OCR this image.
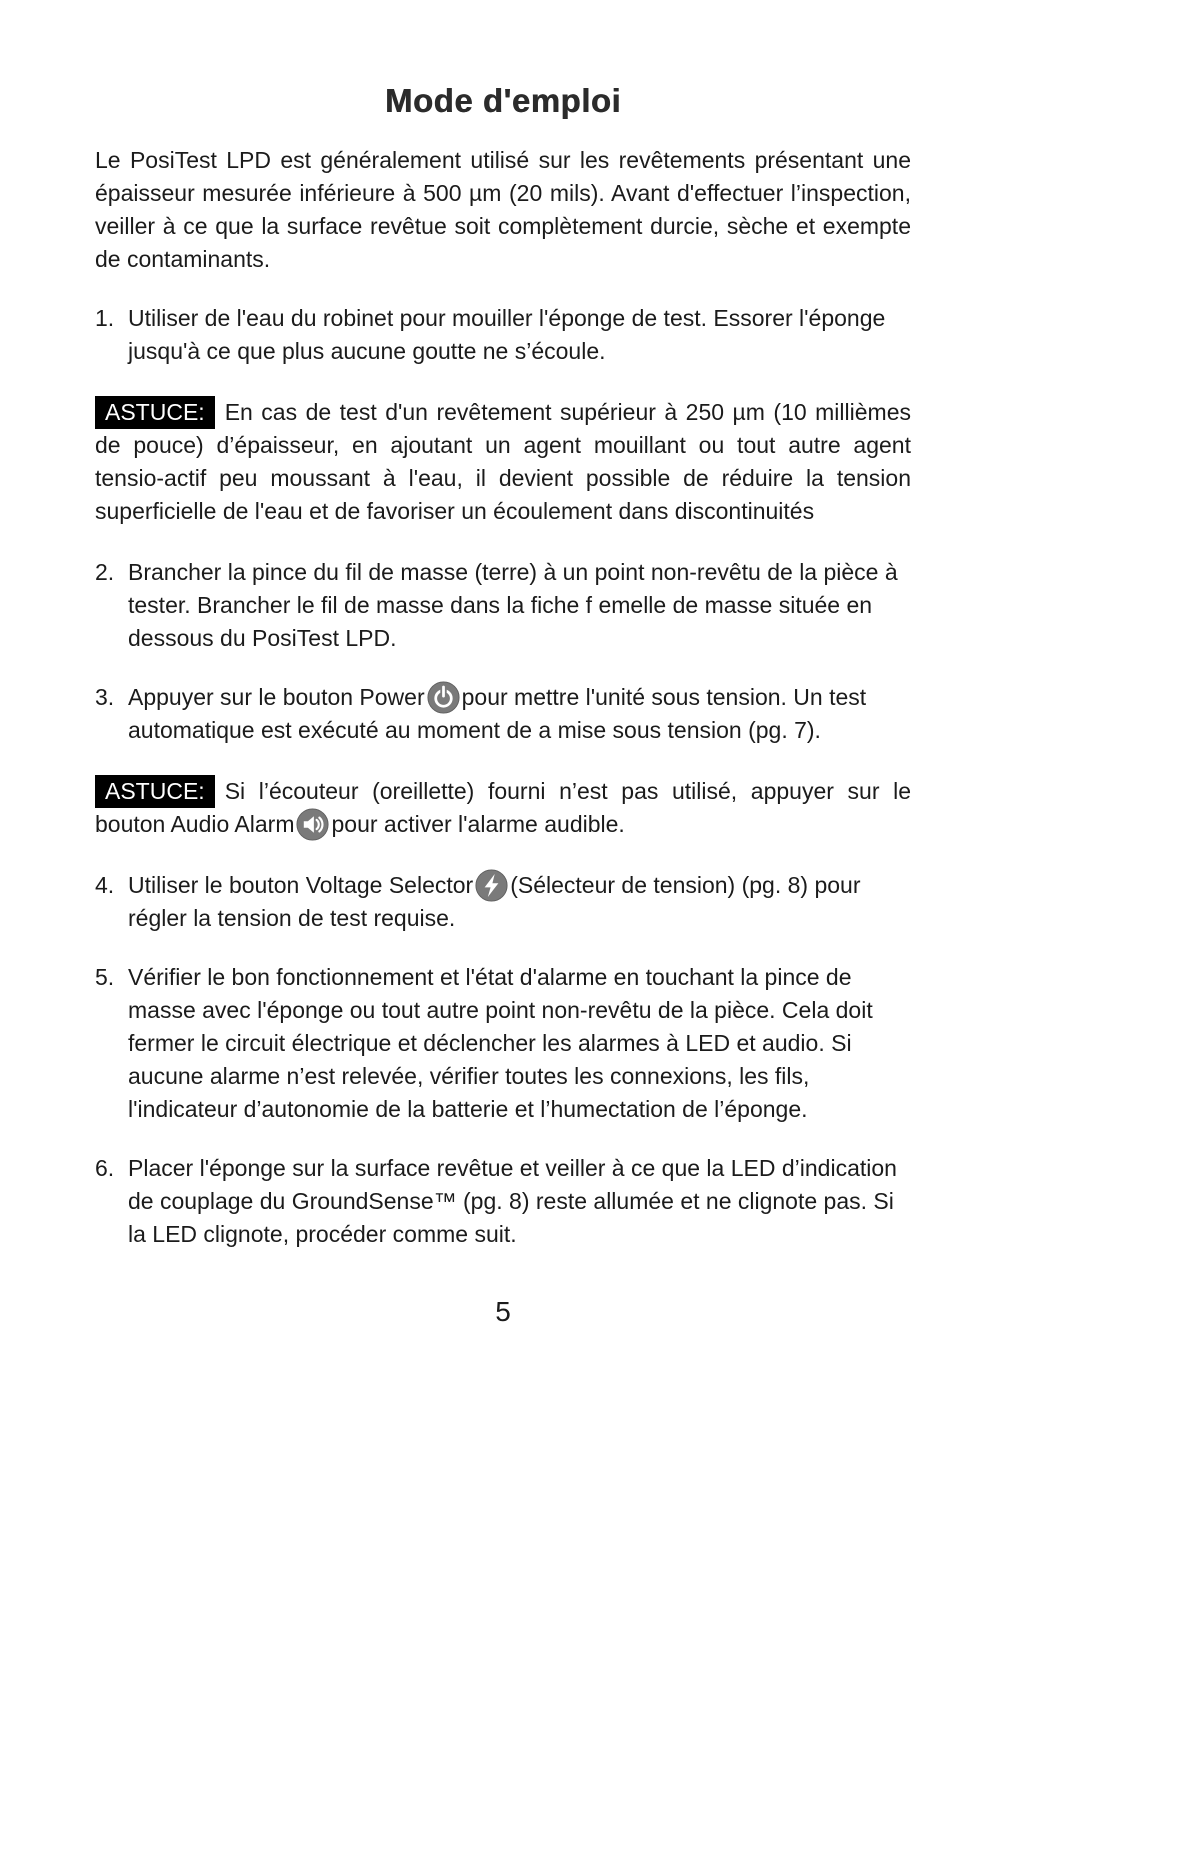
Mode d'emploi

Le PosiTest LPD est généralement utilisé sur les revêtements présentant une épaisseur mesurée inférieure à 500 µm (20 mils). Avant d'effectuer l’inspection, veiller à ce que la surface revêtue soit complètement durcie, sèche et exempte de contaminants.

1. Utiliser de l'eau du robinet pour mouiller l'éponge de test. Essorer l'éponge jusqu'à ce que plus aucune goutte ne s’écoule.

ASTUCE: En cas de test d'un revêtement supérieur à 250 µm (10 millièmes de pouce) d’épaisseur, en ajoutant un agent mouillant ou tout autre agent tensio-actif peu moussant à l'eau, il devient possible de réduire la tension superficielle de l'eau et de favoriser un écoulement dans discontinuités

2. Brancher la pince du fil de masse (terre) à un point non-revêtu de la pièce à tester. Brancher le fil de masse dans la fiche f emelle de masse située en dessous du PosiTest LPD.
3. Appuyer sur le bouton Power pour mettre l'unité sous tension. Un test automatique est exécuté au moment de a mise sous tension (pg. 7).

ASTUCE: Si l’écouteur (oreillette) fourni n’est pas utilisé, appuyer sur le bouton Audio Alarm pour activer l'alarme audible.

4. Utiliser le bouton Voltage Selector (Sélecteur de tension) (pg. 8) pour régler la tension de test requise.
5. Vérifier le bon fonctionnement et l'état d'alarme en touchant la pince de masse avec l'éponge ou tout autre point non-revêtu de la pièce. Cela doit fermer le circuit électrique et déclencher les alarmes à LED et audio. Si aucune alarme n’est relevée, vérifier toutes les connexions, les fils, l'indicateur d’autonomie de la batterie et l’humectation de l’éponge.
6. Placer l'éponge sur la surface revêtue et veiller à ce que la LED d’indication de couplage du GroundSense™ (pg. 8) reste allumée et ne clignote pas. Si la LED clignote, procéder comme suit.
5
